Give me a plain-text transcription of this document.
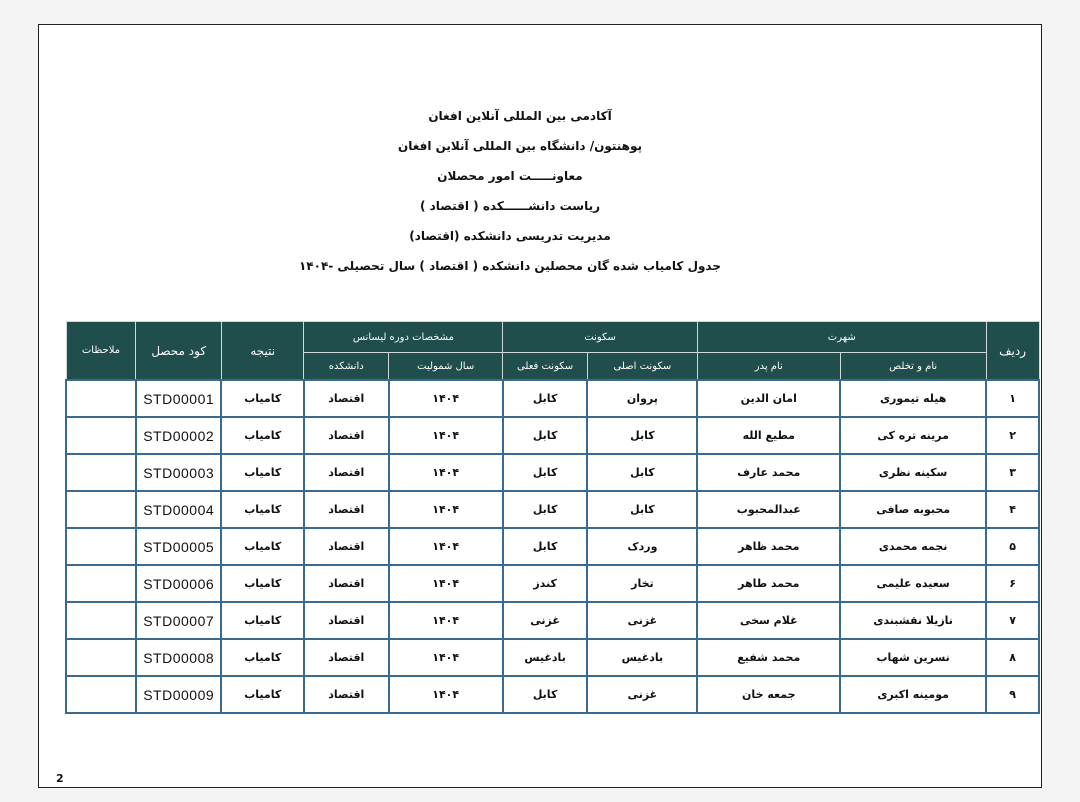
آکادمی بین المللی آنلاین افغان
پوهنتون/ دانشگاه بین المللی آنلاین افغان
معاونـــــت امور محصلان
ریاست دانشــــــکده ( اقتصاد )
مدیریت تدریسی دانشکده (اقتصاد)
جدول کامیاب شده گان محصلین دانشکده ( اقتصاد ) سال تحصیلی -۱۴۰۴
ردیف	شهرت		سکونت		مشخصات دوره لیسانس		نتیجه	کود محصل	ملاحظات
	نام و تخلص	نام پدر	سکونت اصلی	سکونت فعلی	سال شمولیت	دانشکده			
۱	هیله تیموری	امان الدین	پروان	کابل	۱۴۰۴	اقتصاد	کامیاب	STD00001	
۲	مرینه تره کی	مطیع الله	کابل	کابل	۱۴۰۴	اقتصاد	کامیاب	STD00002	
۳	سکینه نظری	محمد عارف	کابل	کابل	۱۴۰۴	اقتصاد	کامیاب	STD00003	
۴	محبوبه صافی	عبدالمحبوب	کابل	کابل	۱۴۰۴	اقتصاد	کامیاب	STD00004	
۵	نجمه محمدی	محمد ظاهر	وردک	کابل	۱۴۰۴	اقتصاد	کامیاب	STD00005	
۶	سعیده علیمی	محمد طاهر	تخار	کندز	۱۴۰۴	اقتصاد	کامیاب	STD00006	
۷	نازیلا نقشبندی	غلام سخی	غزنی	غزنی	۱۴۰۴	اقتصاد	کامیاب	STD00007	
۸	نسرین شهاب	محمد شفیع	بادغیس	بادغیس	۱۴۰۴	اقتصاد	کامیاب	STD00008	
۹	مومینه اکبری	جمعه خان	غزنی	کابل	۱۴۰۴	اقتصاد	کامیاب	STD00009	
2
